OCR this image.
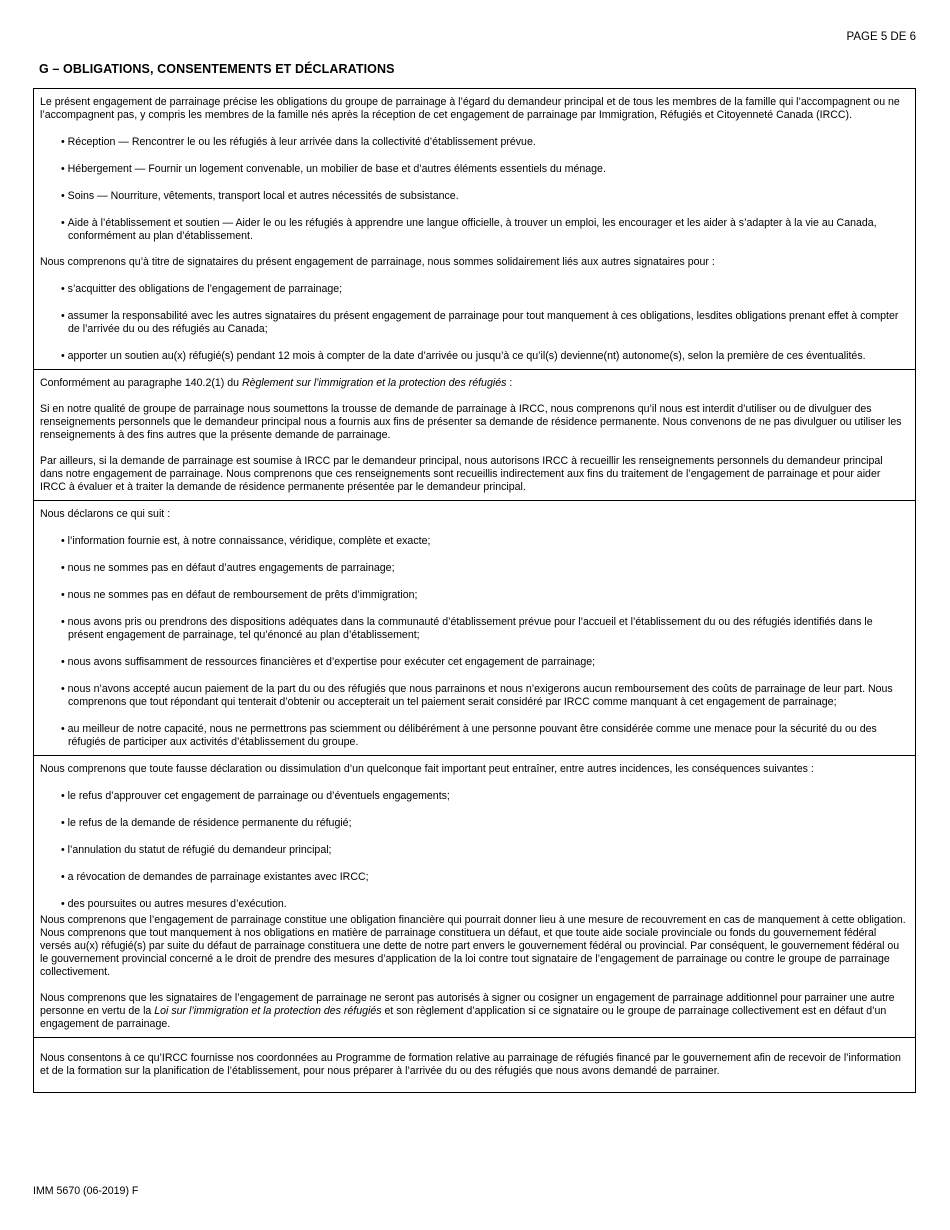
PAGE 5 DE 6
G – OBLIGATIONS, CONSENTEMENTS ET DÉCLARATIONS

Le présent engagement de parrainage précise les obligations du groupe de parrainage à l’égard du demandeur principal et de tous les membres de la famille qui l’accompagnent ou ne l’accompagnent pas, y compris les membres de la famille nés après la réception de cet engagement de parrainage par Immigration, Réfugiés et Citoyenneté Canada (IRCC).

• Réception — Rencontrer le ou les réfugiés à leur arrivée dans la collectivité d’établissement prévue.

• Hébergement — Fournir un logement convenable, un mobilier de base et d’autres éléments essentiels du ménage.

• Soins — Nourriture, vêtements, transport local et autres nécessités de subsistance.

• Aide à l’établissement et soutien — Aider le ou les réfugiés à apprendre une langue officielle, à trouver un emploi, les encourager et les aider à s’adapter à la vie au Canada, conformément au plan d’établissement.

Nous comprenons qu’à titre de signataires du présent engagement de parrainage, nous sommes solidairement liés aux autres signataires pour :

• s’acquitter des obligations de l’engagement de parrainage;

• assumer la responsabilité avec les autres signataires du présent engagement de parrainage pour tout manquement à ces obligations, lesdites obligations prenant effet à compter de l’arrivée du ou des réfugiés au Canada;

• apporter un soutien au(x) réfugié(s) pendant 12 mois à compter de la date d’arrivée ou jusqu’à ce qu’il(s) devienne(nt) autonome(s), selon la première de ces éventualités.

Conformément au paragraphe 140.2(1) du Règlement sur l’immigration et la protection des réfugiés :

Si en notre qualité de groupe de parrainage nous soumettons la trousse de demande de parrainage à IRCC, nous comprenons qu’il nous est interdit d’utiliser ou de divulguer des renseignements personnels que le demandeur principal nous a fournis aux fins de présenter sa demande de résidence permanente. Nous convenons de ne pas divulguer ou utiliser les renseignements à des fins autres que la présente demande de parrainage.

Par ailleurs, si la demande de parrainage est soumise à IRCC par le demandeur principal, nous autorisons IRCC à recueillir les renseignements personnels du demandeur principal dans notre engagement de parrainage. Nous comprenons que ces renseignements sont recueillis indirectement aux fins du traitement de l’engagement de parrainage et pour aider IRCC à évaluer et à traiter la demande de résidence permanente présentée par le demandeur principal.

Nous déclarons ce qui suit :

• l’information fournie est, à notre connaissance, véridique, complète et exacte;

• nous ne sommes pas en défaut d’autres engagements de parrainage;

• nous ne sommes pas en défaut de remboursement de prêts d’immigration;

• nous avons pris ou prendrons des dispositions adéquates dans la communauté d’établissement prévue pour l’accueil et l’établissement du ou des réfugiés identifiés dans le présent engagement de parrainage, tel qu’énoncé au plan d’établissement;

• nous avons suffisamment de ressources financières et d’expertise pour exécuter cet engagement de parrainage;

• nous n’avons accepté aucun paiement de la part du ou des réfugiés que nous parrainons et nous n’exigerons aucun remboursement des coûts de parrainage de leur part. Nous comprenons que tout répondant qui tenterait d’obtenir ou accepterait un tel paiement serait considéré par IRCC comme manquant à cet engagement de parrainage;

• au meilleur de notre capacité, nous ne permettrons pas sciemment ou délibérément à une personne pouvant être considérée comme une menace pour la sécurité du ou des réfugiés de participer aux activités d’établissement du groupe.

Nous comprenons que toute fausse déclaration ou dissimulation d’un quelconque fait important peut entraîner, entre autres incidences, les conséquences suivantes :

• le refus d’approuver cet engagement de parrainage ou d’éventuels engagements;

• le refus de la demande de résidence permanente du réfugié;

• l’annulation du statut de réfugié du demandeur principal;

• a révocation de demandes de parrainage existantes avec IRCC;

• des poursuites ou autres mesures d’exécution.

Nous comprenons que l’engagement de parrainage constitue une obligation financière qui pourrait donner lieu à une mesure de recouvrement en cas de manquement à cette obligation. Nous comprenons que tout manquement à nos obligations en matière de parrainage constituera un défaut, et que toute aide sociale provinciale ou fonds du gouvernement fédéral versés au(x) réfugié(s) par suite du défaut de parrainage constituera une dette de notre part envers le gouvernement fédéral ou provincial. Par conséquent, le gouvernement fédéral ou le gouvernement provincial concerné a le droit de prendre des mesures d’application de la loi contre tout signataire de l’engagement de parrainage ou contre le groupe de parrainage collectivement.

Nous comprenons que les signataires de l’engagement de parrainage ne seront pas autorisés à signer ou cosigner un engagement de parrainage additionnel pour parrainer une autre personne en vertu de la Loi sur l’immigration et la protection des réfugiés et son règlement d’application si ce signataire ou le groupe de parrainage collectivement est en défaut d’un engagement de parrainage.

Nous consentons à ce qu’IRCC fournisse nos coordonnées au Programme de formation relative au parrainage de réfugiés financé par le gouvernement afin de recevoir de l’information et de la formation sur la planification de l’établissement, pour nous préparer à l’arrivée du ou des réfugiés que nous avons demandé de parrainer.

IMM 5670 (06-2019) F
